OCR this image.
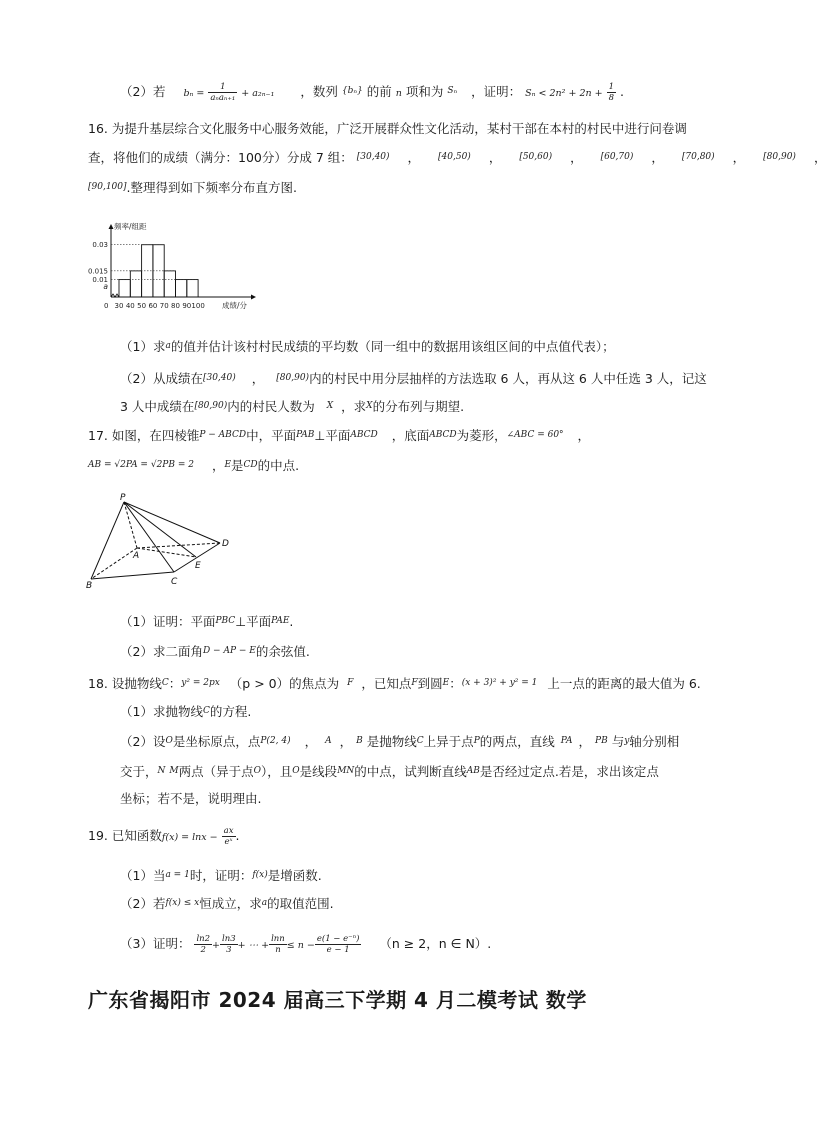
（2）若 $b_n = \frac{1}{\text{aₙaₙ₊₁}} + a_{2n-1}$ ，数列 $^{\{b_n\}}$ 的前 n 项和为 $^{S_n}$ ，证明： $S_n < 2n^2 + 2n + \frac{1}{8}$ .
16. 为提升基层综合文化服务中心服务效能，广泛开展群众性文化活动，某村干部在本村的村民中进行问卷调
查，将他们的成绩（满分：100分）分成 7 组： $^{[30,40)}$ ， $^{[40,50)}$ ， $^{[50,60)}$ ， $^{[60,70)}$ ， $^{[70,80)}$ ， $^{[80,90)}$ ，
[90,100].整理得到如下频率分布直方图.
0.03
0.015
0.01
a
30 40 50 60 70 80 90 100
频率/组距
成绩/分
0
（1）求$^a$的值并估计该村村民成绩的平均数（同一组中的数据用该组区间的中点值代表）；
（2）从成绩在$^{[30,40)}$ ， $^{[80,90)}$内的村民中用分层抽样的方法选取 6 人，再从这 6 人中任选 3 人，记这
3 人中成绩在$^{[80,90)}$内的村民人数为 $^X$ ，求$^X$的分布列与期望.
17. 如图，在四棱锥$^{P - ABCD}$中，平面$^{PAB}$⊥平面$^{ABCD}$ ，底面$^{ABCD}$为菱形，$^{\angle ABC = 60^\circ}$ ，
$^{AB = √2PA = √2PB = 2}$ ，$^E$是$^{CD}$的中点.
P
A
B	C
D
E
（1）证明：平面$^{PBC}$⊥平面$^{PAE}$.
（2）求二面角$^{D - AP - E}$的余弦值.
18. 设抛物线$^C$：$^{y^2 = 2px}$ （p > 0）的焦点为 $^F$ ，已知点$^F$到圆$^E$：$^{(x + 3)^2 + y^2 = 1}$ 上一点的距离的最大值为 6.
（1）求抛物线$^C$的方程.
（2）设$^O$是坐标原点，点$^{P(2, 4)}$ ， $^A$ ， $^B$ 是抛物线$^C$上异于点$^P$的两点，直线 $^{PA}$ ， $^{PB}$ 与$^y$轴分别相
交于，$^N$ $^M$两点（异于点$^O$），且$^O$是线段$^{MN}$的中点，试判断直线$^{AB}$是否经过定点.若是，求出该定点
坐标；若不是，说明理由.
19. 已知函数$f(x) = \ln x - \frac{ax}{\text{eˣ}}$ .
（1）当$^{a = 1}$时，证明：$^{f(x)}$是增函数.
（2）若$^{f(x) \le x}$恒成立，求$^a$的取值范围.
（3）证明： $\frac{\ln 2}{2} + \frac{\ln 3}{3}$ + ⋯ + $\frac{\ln n}{n} \le n - \frac{\text{e(1 − e⁻ⁿ)}}{e - 1} (n \ge 2$，n ∈ N）.
广东省揭阳市 2024 届高三下学期 4 月二模考试 数学
